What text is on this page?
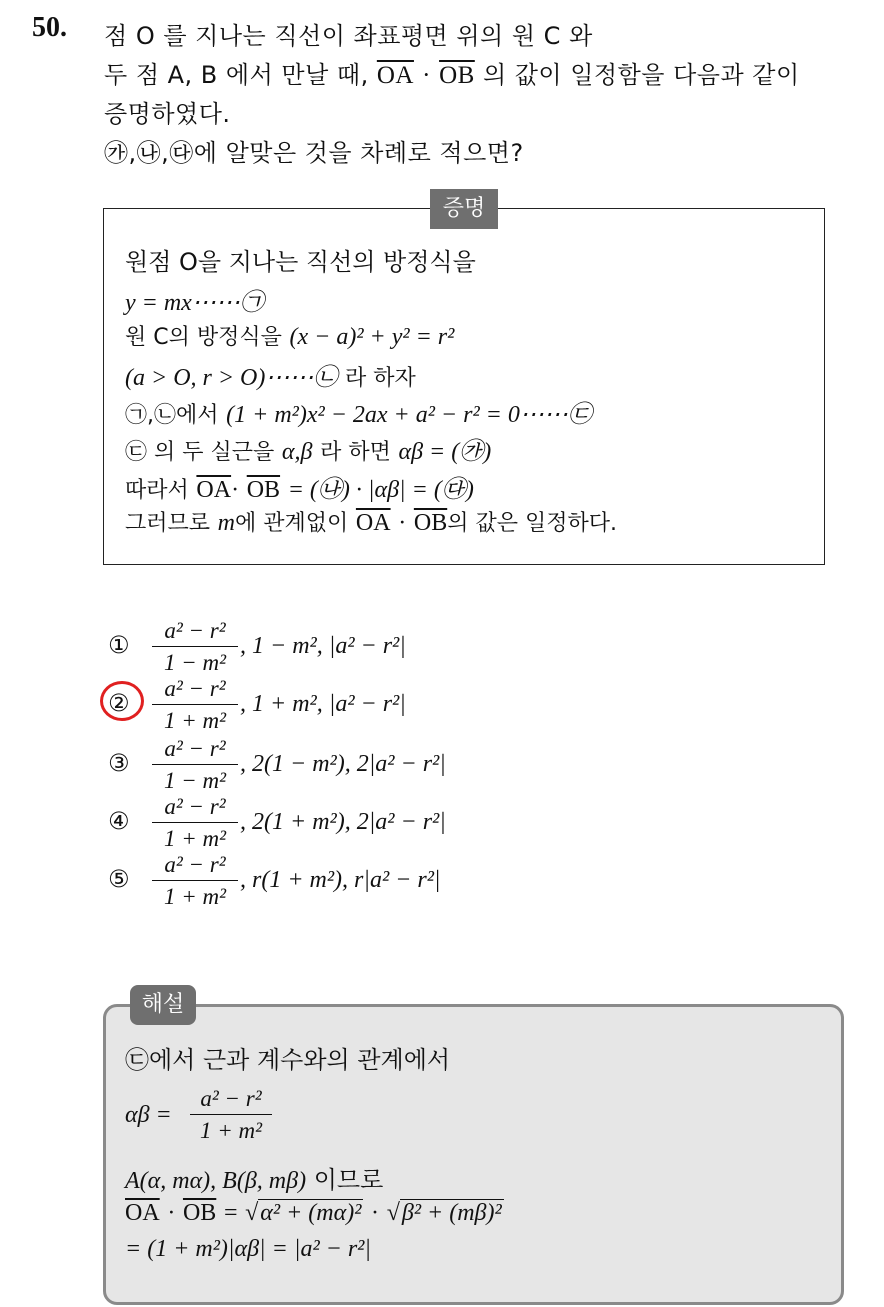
50. 점 O 를 지나는 직선이 좌표평면 위의 원 C 와
두 점 A, B 에서 만날 때, $\overline{OA} \cdot \overline{OB}$ 의 값이 일정함을 다음과 같이
증명하였다.
㉮,㉯,㉰에 알맞은 것을 차례로 적으면?
증명
원점 O을 지나는 직선의 방정식을
y = mx⋯⋯㉠
원 C의 방정식을 (x − a)² + y² = r²
(a > O, r > O)⋯⋯㉡ 라 하자
㉠,㉡에서 (1 + m²)x² − 2ax + a² − r² = 0⋯⋯㉢
㉢ 의 두 실근을 α,β 라 하면 αβ = (㉮)
따라서 $\overline{OA}\cdot \overline{OB}$ = (㉯) · |αβ| = (㉰)
그러므로 m에 관계없이 $\overline{OA} \cdot \overline{OB}$의 값은 일정하다.
①
a² − r²
1 − m²
, 1 − m², |a² − r²|
②
a² − r²
1 + m²
, 1 + m², |a² − r²|
③
a² − r²
1 − m²
, 2(1 − m²), 2|a² − r²|
④
a² − r²
1 + m²
, 2(1 + m²), 2|a² − r²|
⑤
a² − r²
1 + m²
, r(1 + m²), r|a² − r²|
해설
㉢에서 근과 계수와의 관계에서
αβ =
a² − r²
1 + m²
A(α, mα), B(β, mβ) 이므로
$\overline{OA} \cdot \overline{OB} = √\alpha^2 + (m\alpha)^2 \cdot √\beta^2 + (m\beta)^2$
= (1 + m²)|αβ| = |a² − r²|
